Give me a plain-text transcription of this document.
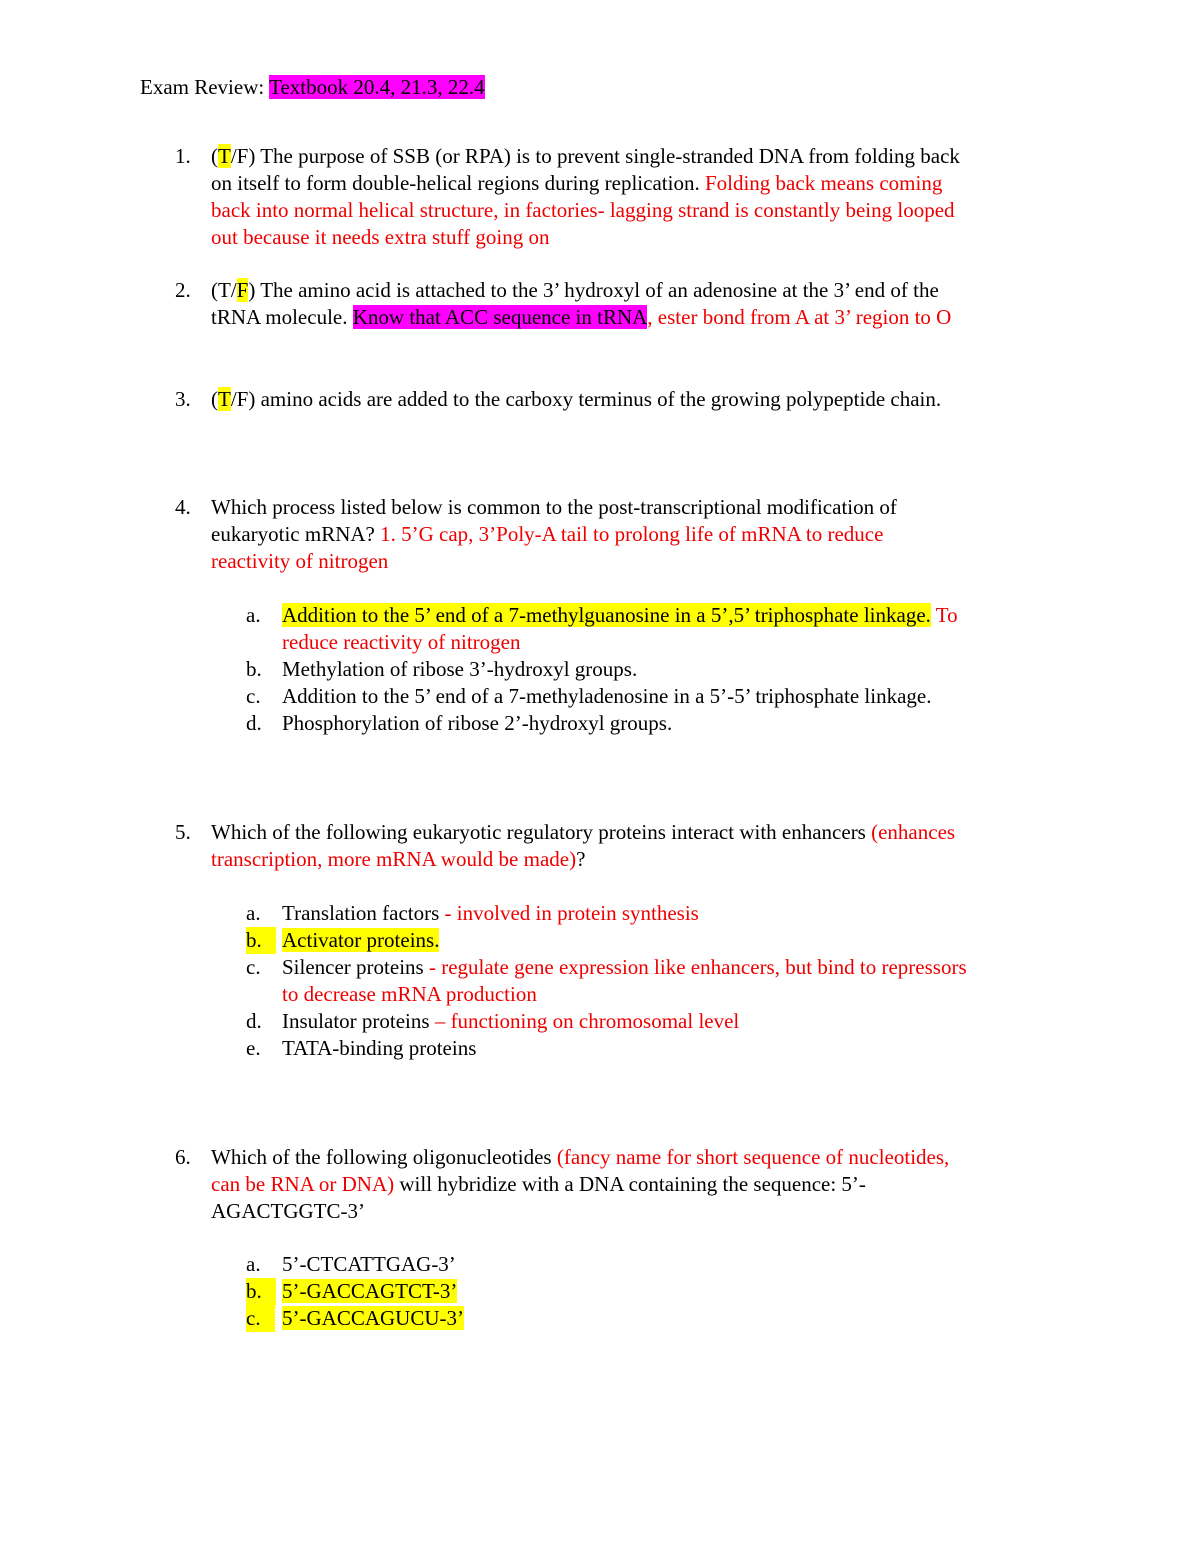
Exam Review: Textbook 20.4, 21.3, 22.4
1. (T/F) The purpose of SSB (or RPA) is to prevent single-stranded DNA from folding back
on itself to form double-helical regions during replication. Folding back means coming
back into normal helical structure, in factories- lagging strand is constantly being looped
out because it needs extra stuff going on
2. (T/F) The amino acid is attached to the 3’ hydroxyl of an adenosine at the 3’ end of the
tRNA molecule. Know that ACC sequence in tRNA, ester bond from A at 3’ region to O
3. (T/F) amino acids are added to the carboxy terminus of the growing polypeptide chain.
4. Which process listed below is common to the post-transcriptional modification of
eukaryotic mRNA? 1. 5’G cap, 3’Poly-A tail to prolong life of mRNA to reduce
reactivity of nitrogen
a. Addition to the 5’ end of a 7-methylguanosine in a 5’,5’ triphosphate linkage. To
reduce reactivity of nitrogen
b. Methylation of ribose 3’-hydroxyl groups.
c. Addition to the 5’ end of a 7-methyladenosine in a 5’-5’ triphosphate linkage.
d. Phosphorylation of ribose 2’-hydroxyl groups.
5. Which of the following eukaryotic regulatory proteins interact with enhancers (enhances
transcription, more mRNA would be made)?
a. Translation factors - involved in protein synthesis
b. Activator proteins.
c. Silencer proteins - regulate gene expression like enhancers, but bind to repressors
to decrease mRNA production
d. Insulator proteins – functioning on chromosomal level
e. TATA-binding proteins
6. Which of the following oligonucleotides (fancy name for short sequence of nucleotides,
can be RNA or DNA) will hybridize with a DNA containing the sequence: 5’-
AGACTGGTC-3’
a. 5’-CTCATTGAG-3’
b. 5’-GACCAGTCT-3’
c.	5’-GACCAGUCU-3’
